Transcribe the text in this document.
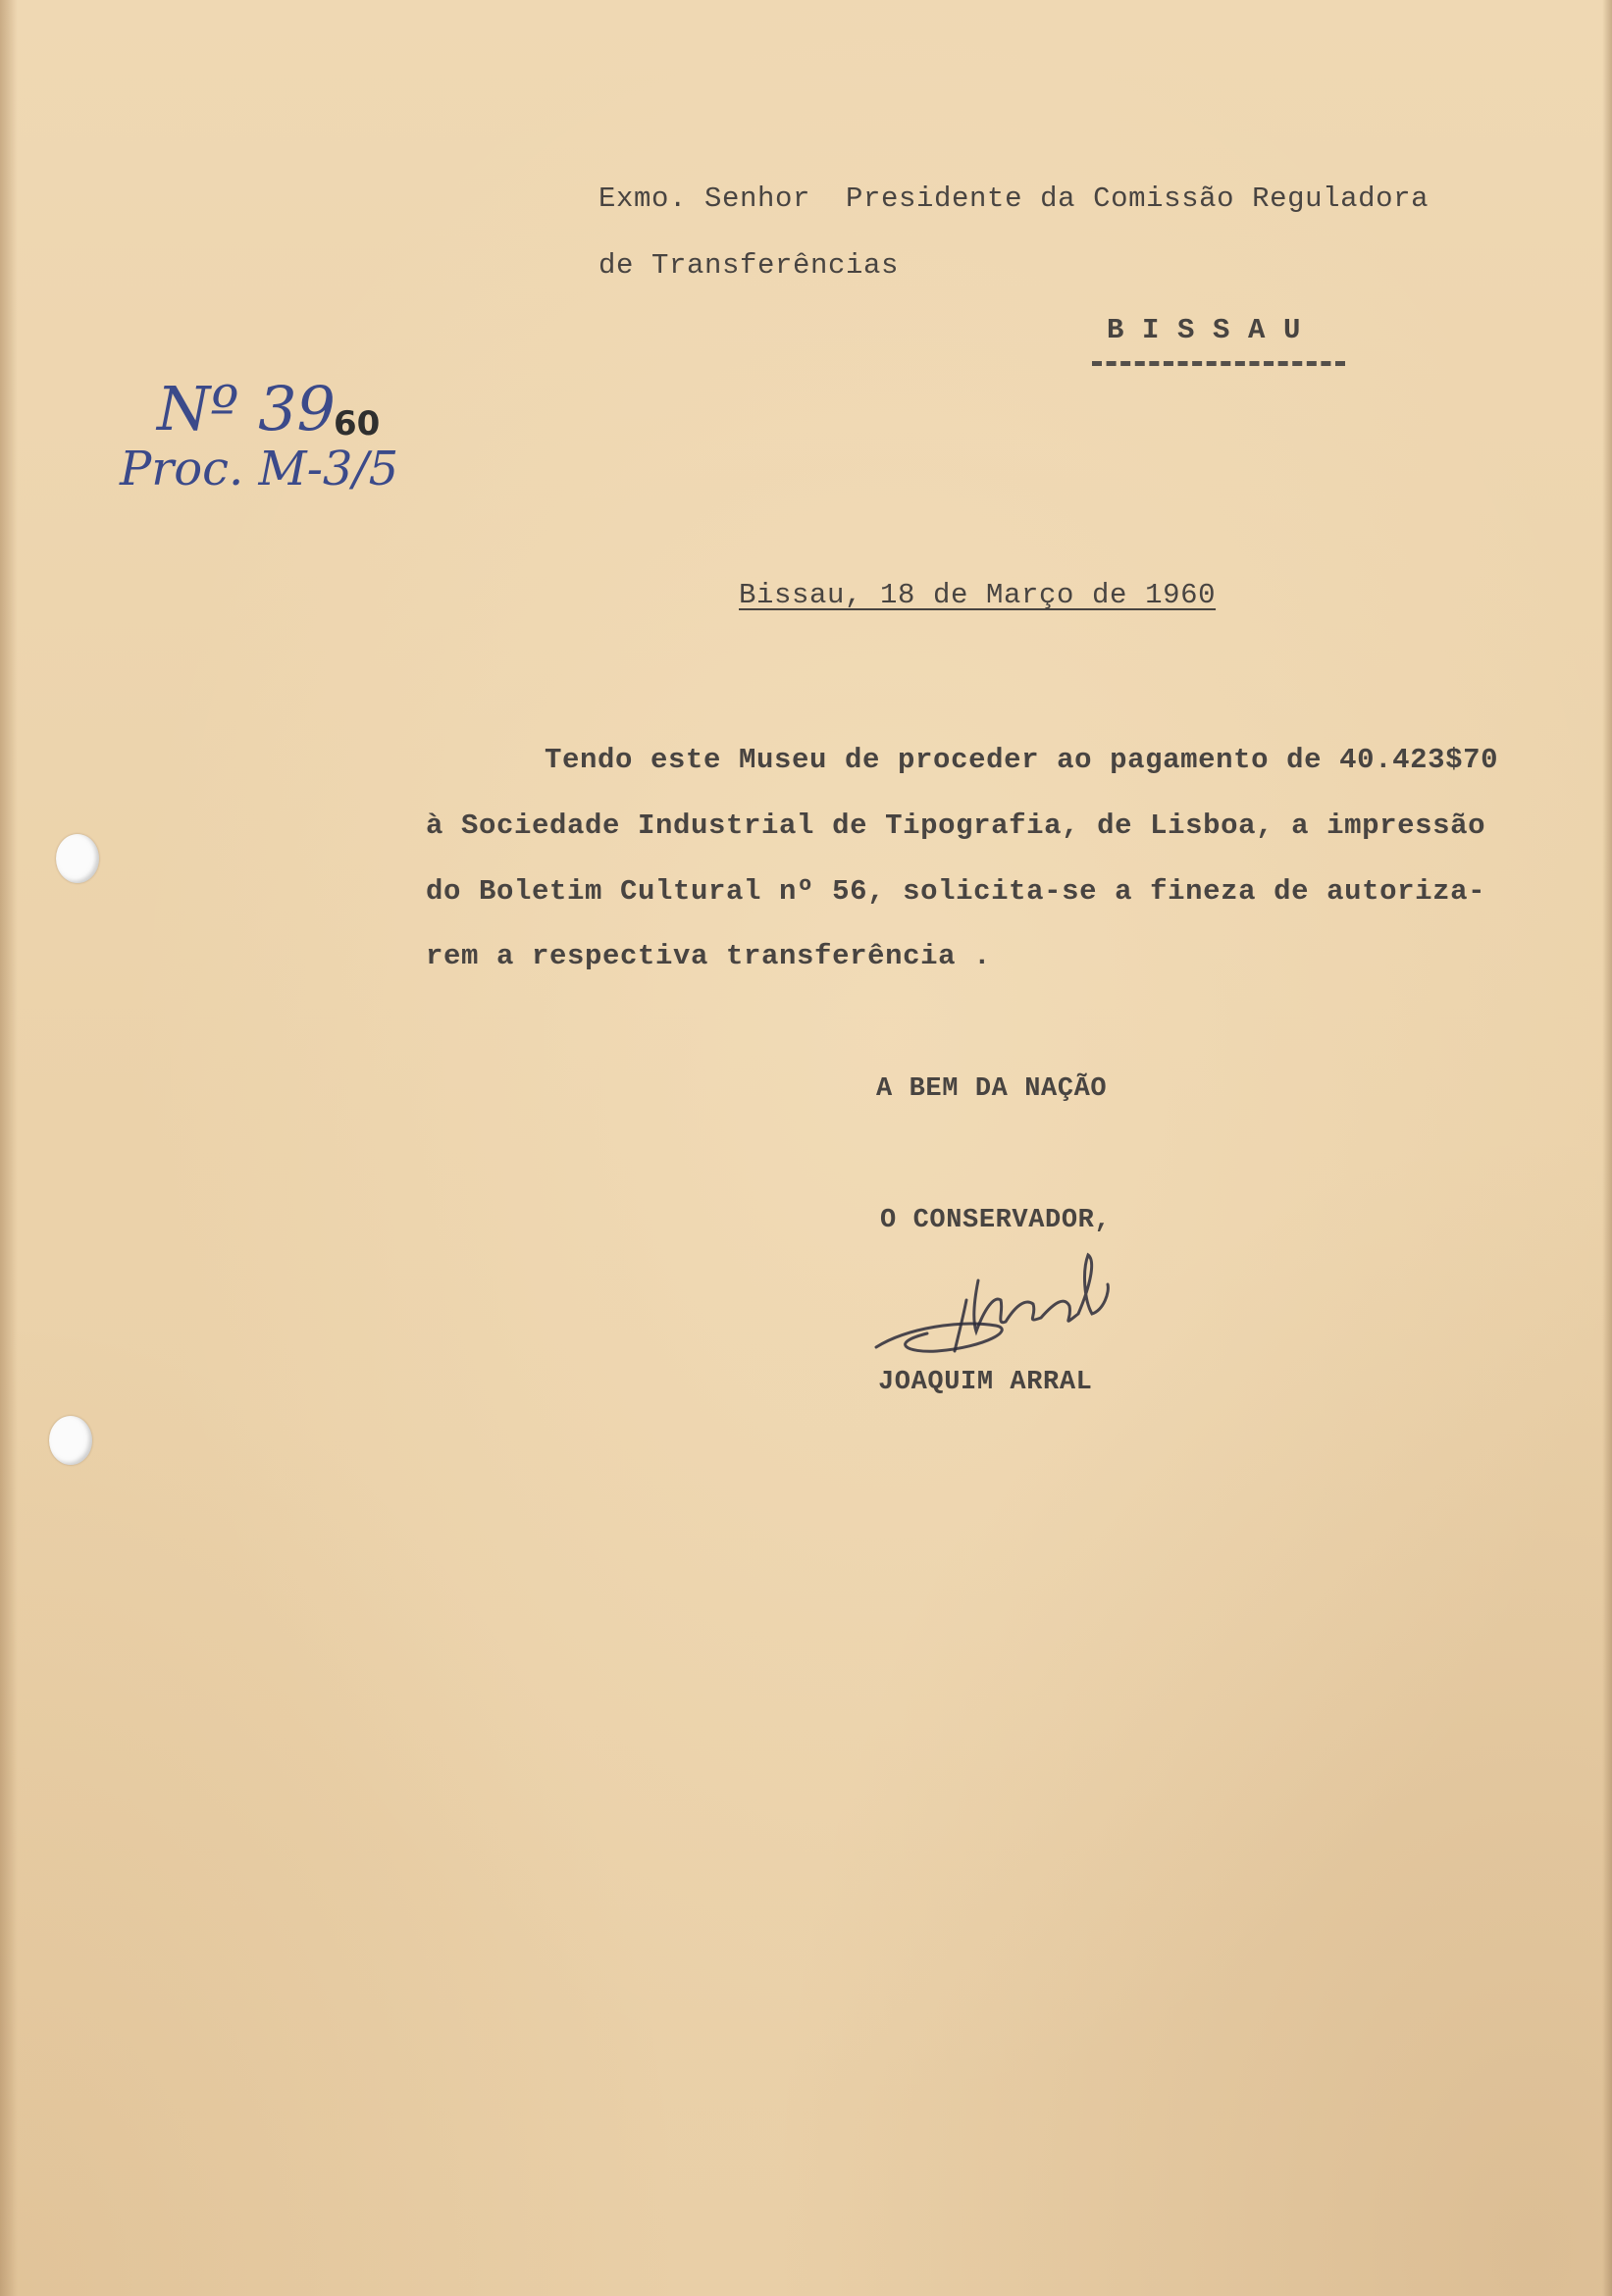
Exmo. Senhor  Presidente da Comissão Reguladora
de Transferências
B I S S A U
Nº 39
60
Proc. M-3/5
Bissau, 18 de Março de 1960
Tendo este Museu de proceder ao pagamento de 40.423$70
à Sociedade Industrial de Tipografia, de Lisboa, a impressão
do Boletim Cultural nº 56, solicita-se a fineza de autoriza-
rem a respectiva transferência .
A BEM DA NAÇÃO
O CONSERVADOR,
JOAQUIM ARRAL
